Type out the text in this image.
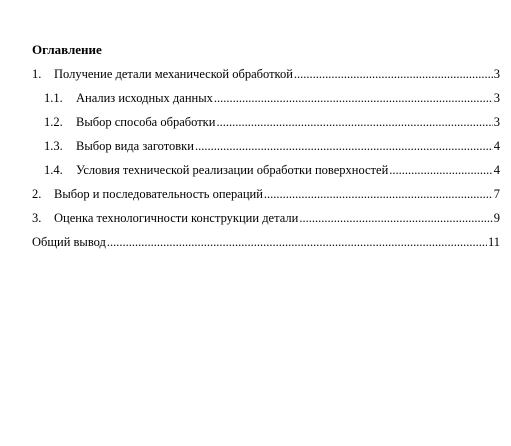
Оглавление
1.	Получение детали механической обработкой .....	3
1.1.	Анализ исходных данных .....	3
1.2.	Выбор способа обработки .....	3
1.3.	Выбор вида заготовки .....	4
1.4.	Условия технической реализации обработки поверхностей .....	4
2.	Выбор и последовательность операций .....	7
3.	Оценка технологичности конструкции детали .....	9
Общий вывод .....	11
